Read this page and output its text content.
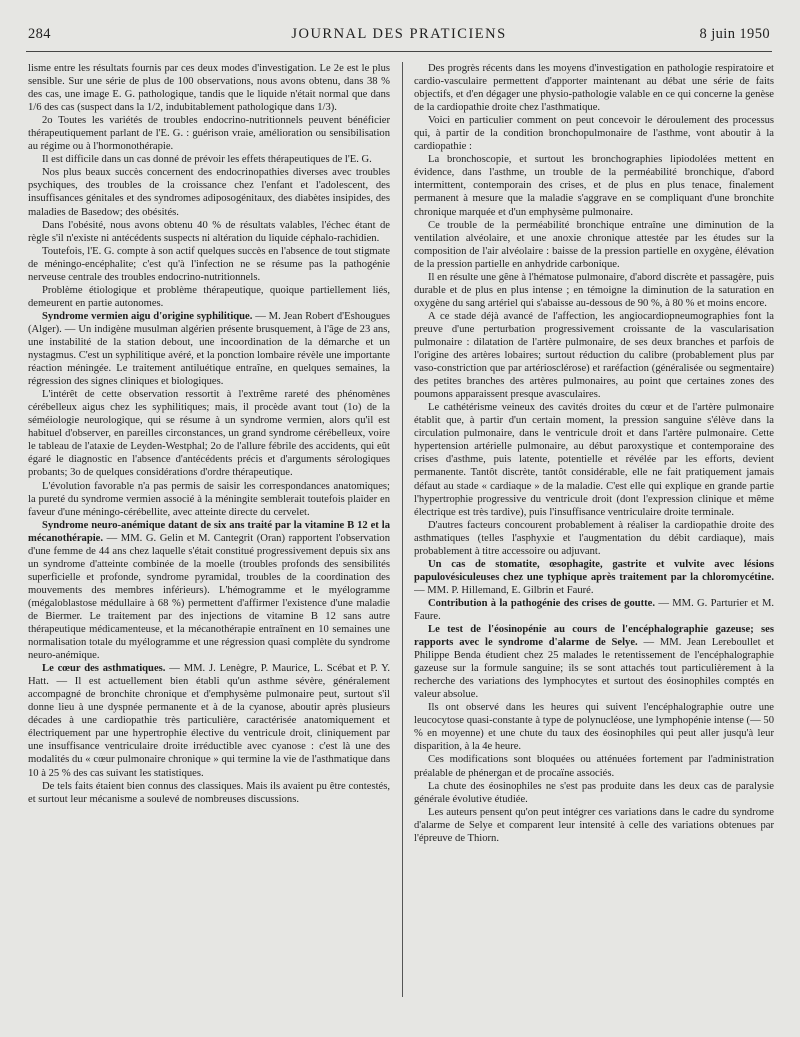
284	JOURNAL DES PRATICIENS	8 juin 1950

lisme entre les résultats fournis par ces deux modes d'investigation. Le 2e est le plus sensible. Sur une série de plus de 100 observations, nous avons obtenu, dans 38 % des cas, une image E. G. pathologique, tandis que le liquide n'était normal que dans 1/6 des cas (suspect dans la 1/2, indubitablement pathologique dans 1/3).

2o Toutes les variétés de troubles endocrino-nutritionnels peuvent bénéficier thérapeutiquement parlant de l'E. G. : guérison vraie, amélioration ou sensibilisation au régime ou à l'hormonothérapie.

Il est difficile dans un cas donné de prévoir les effets thérapeutiques de l'E. G.

Nos plus beaux succès concernent des endocrinopathies diverses avec troubles psychiques, des troubles de la croissance chez l'enfant et l'adolescent, des insuffisances génitales et des syndromes adiposogénitaux, des diabètes insipides, des maladies de Basedow; des obésités.

Dans l'obésité, nous avons obtenu 40 % de résultats valables, l'échec étant de règle s'il n'existe ni antécédents suspects ni altération du liquide céphalo-rachidien.

Toutefois, l'E. G. compte à son actif quelques succès en l'absence de tout stigmate de méningo-encéphalite; c'est qu'à l'infection ne se résume pas la pathogénie nerveuse centrale des troubles endocrino-nutritionnels.

Problème étiologique et problème thérapeutique, quoique partiellement liés, demeurent en partie autonomes.

Syndrome vermien aigu d'origine syphilitique. — M. Jean Robert d'Eshougues (Alger). — Un indigène musulman algérien présente brusquement, à l'âge de 23 ans, une instabilité de la station debout, une incoordination de la démarche et un nystagmus. C'est un syphilitique avéré, et la ponction lombaire révèle une importante réaction méningée. Le traitement antiluétique entraîne, en quelques semaines, la régression des signes cliniques et biologiques.

L'intérêt de cette observation ressortit à l'extrême rareté des phénomènes cérébelleux aigus chez les syphilitiques; mais, il procède avant tout (1o) de la séméiologie neurologique, qui se résume à un syndrome vermien, alors qu'il est habituel d'observer, en pareilles circonstances, un grand syndrome cérébelleux, voire le tableau de l'ataxie de Leyden-Westphal; 2o de l'allure fébrile des accidents, qui eût égaré le diagnostic en l'absence d'antécédents précis et d'arguments sérologiques probants; 3o de quelques considérations d'ordre thérapeutique.

L'évolution favorable n'a pas permis de saisir les correspondances anatomiques; la pureté du syndrome vermien associé à la méningite semblerait toutefois plaider en faveur d'une méningo-cérébellite, avec atteinte directe du cervelet.

Syndrome neuro-anémique datant de six ans traité par la vitamine B 12 et la mécanothérapie. — MM. G. Gelin et M. Cantegrit (Oran) rapportent l'observation d'une femme de 44 ans chez laquelle s'était constitué progressivement depuis six ans un syndrome d'atteinte combinée de la moelle (troubles profonds des sensibilités superficielle et profonde, syndrome pyramidal, troubles de la coordination des mouvements des membres inférieurs). L'hémogramme et le myélogramme (mégaloblastose médullaire à 68 %) permettent d'affirmer l'existence d'une maladie de Biermer. Le traitement par des injections de vitamine B 12 sans autre thérapeutique médicamenteuse, et la mécanothérapie entraînent en 10 semaines une normalisation totale du myélogramme et une régression quasi complète du syndrome neuro-anémique.

Le cœur des asthmatiques. — MM. J. Lenègre, P. Maurice, L. Scébat et P. Y. Hatt. — Il est actuellement bien établi qu'un asthme sévère, généralement accompagné de bronchite chronique et d'emphysème pulmonaire peut, surtout s'il donne lieu à une dyspnée permanente et à de la cyanose, aboutir après plusieurs décades à une cardiopathie très particulière, caractérisée anatomiquement et électriquement par une hypertrophie élective du ventricule droit, cliniquement par une insuffisance ventriculaire droite irréductible avec cyanose : c'est là une des modalités du « cœur pulmonaire chronique » qui termine la vie de l'asthmatique dans 10 à 25 % des cas suivant les statistiques.

De tels faits étaient bien connus des classiques. Mais ils avaient pu être contestés, et surtout leur mécanisme a soulevé de nombreuses discussions.

Des progrès récents dans les moyens d'investigation en pathologie respiratoire et cardio-vasculaire permettent d'apporter maintenant au débat une série de faits objectifs, et d'en dégager une physio-pathologie valable en ce qui concerne la genèse de la cardiopathie droite chez l'asthmatique.

Voici en particulier comment on peut concevoir le déroulement des processus qui, à partir de la condition bronchopulmonaire de l'asthme, vont aboutir à la cardiopathie :

La bronchoscopie, et surtout les bronchographies lipiodolées mettent en évidence, dans l'asthme, un trouble de la perméabilité bronchique, d'abord intermittent, contemporain des crises, et de plus en plus tenace, finalement permanent à mesure que la maladie s'aggrave en se compliquant d'une bronchite chronique marquée et d'un emphysème pulmonaire.

Ce trouble de la perméabilité bronchique entraîne une diminution de la ventilation alvéolaire, et une anoxie chronique attestée par les études sur la composition de l'air alvéolaire : baisse de la pression partielle en oxygène, élévation de la pression partielle en anhydride carbonique.

Il en résulte une gêne à l'hématose pulmonaire, d'abord discrète et passagère, puis durable et de plus en plus intense ; en témoigne la diminution de la saturation en oxygène du sang artériel qui s'abaisse au-dessous de 90 %, à 80 % et moins encore.

A ce stade déjà avancé de l'affection, les angiocardiopneumographies font la preuve d'une perturbation progressivement croissante de la vascularisation pulmonaire : dilatation de l'artère pulmonaire, de ses deux branches et parfois de l'origine des artères lobaires; surtout réduction du calibre (probablement plus par vaso-constriction que par artériosclérose) et raréfaction (généralisée ou segmentaire) des petites branches des artères pulmonaires, au point que certaines zones des poumons apparaissent presque avasculaires.

Le cathétérisme veineux des cavités droites du cœur et de l'artère pulmonaire établit que, à partir d'un certain moment, la pression sanguine s'élève dans la circulation pulmonaire, dans le ventricule droit et dans l'artère pulmonaire. Cette hypertension artérielle pulmonaire, au début paroxystique et contemporaine des crises d'asthme, puis latente, potentielle et révélée par les efforts, devient permanente. Tantôt discrète, tantôt considérable, elle ne fait pratiquement jamais défaut au stade « cardiaque » de la maladie. C'est elle qui explique en grande partie l'hypertrophie progressive du ventricule droit (dont l'expression clinique et même électrique est très tardive), puis l'insuffisance ventriculaire droite terminale.

D'autres facteurs concourent probablement à réaliser la cardiopathie droite des asthmatiques (telles l'asphyxie et l'augmentation du débit cardiaque), mais probablement à titre accessoire ou adjuvant.

Un cas de stomatite, œsophagite, gastrite et vulvite avec lésions papulovésiculeuses chez une typhique après traitement par la chloromycétine. — MM. P. Hillemand, E. Gilbrin et Fauré.

Contribution à la pathogénie des crises de goutte. — MM. G. Parturier et M. Faure.

Le test de l'éosinopénie au cours de l'encéphalographie gazeuse; ses rapports avec le syndrome d'alarme de Selye. — MM. Jean Lereboullet et Philippe Benda étudient chez 25 malades le retentissement de l'encéphalographie gazeuse sur la formule sanguine; ils se sont attachés tout particulièrement à la recherche des variations des lymphocytes et surtout des éosinophiles comptés en valeur absolue.

Ils ont observé dans les heures qui suivent l'encéphalographie outre une leucocytose quasi-constante à type de polynucléose, une lymphopénie intense (— 50 % en moyenne) et une chute du taux des éosinophiles qui peut aller jusqu'à leur disparition, à la 4e heure.

Ces modifications sont bloquées ou atténuées fortement par l'administration préalable de phénergan et de procaïne associés.

La chute des éosinophiles ne s'est pas produite dans les deux cas de paralysie générale évolutive étudiée.

Les auteurs pensent qu'on peut intégrer ces variations dans le cadre du syndrome d'alarme de Selye et comparent leur intensité à celle des variations obtenues par l'épreuve de Thiorn.
